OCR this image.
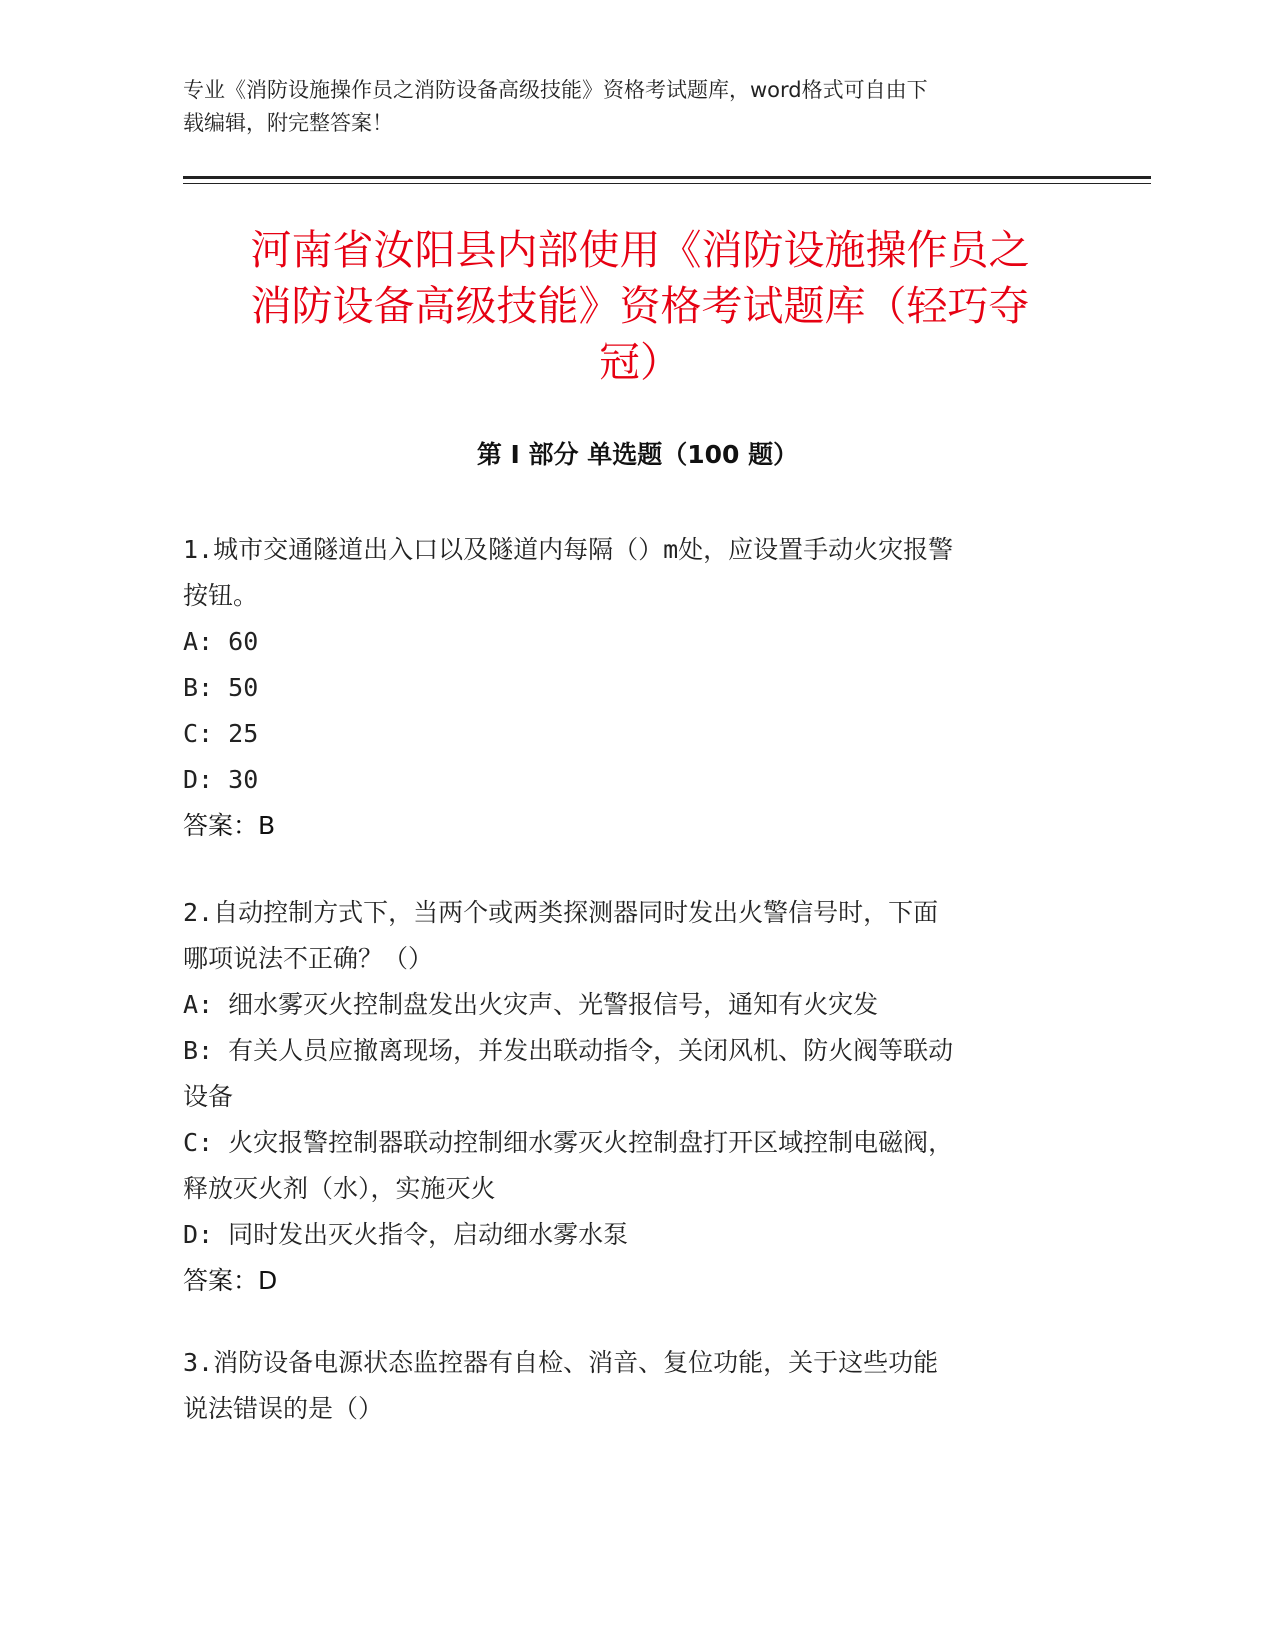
专业《消防设施操作员之消防设备高级技能》资格考试题库，word格式可自由下
载编辑，附完整答案！
河南省汝阳县内部使用《消防设施操作员之
消防设备高级技能》资格考试题库（轻巧夺
冠）
第 I 部分 单选题（100 题）
1.城市交通隧道出入口以及隧道内每隔（）m处，应设置手动火灾报警
按钮。
A: 60
B: 50
C: 25
D: 30
答案：B
2.自动控制方式下，当两个或两类探测器同时发出火警信号时，下面
哪项说法不正确？（）
A: 细水雾灭火控制盘发出火灾声、光警报信号，通知有火灾发
B: 有关人员应撤离现场，并发出联动指令，关闭风机、防火阀等联动
设备
C: 火灾报警控制器联动控制细水雾灭火控制盘打开区域控制电磁阀，
释放灭火剂（水），实施灭火
D: 同时发出灭火指令，启动细水雾水泵
答案：D
3.消防设备电源状态监控器有自检、消音、复位功能，关于这些功能
说法错误的是（）
